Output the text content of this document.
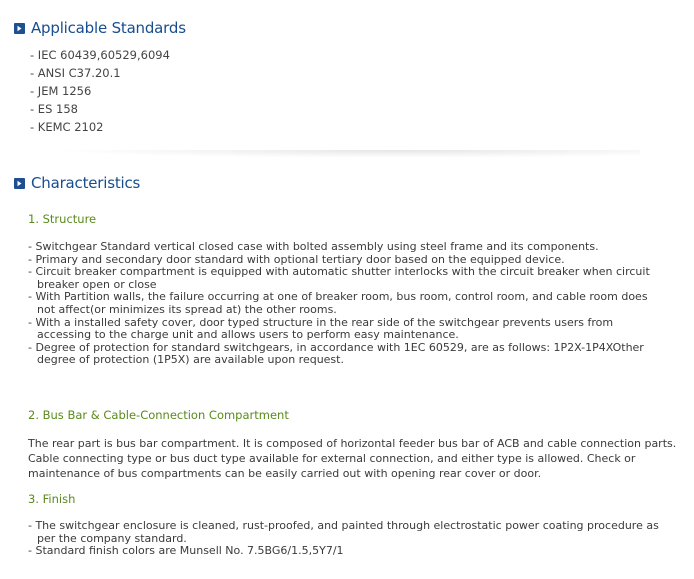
Applicable Standards
- IEC 60439,60529,6094
- ANSI C37.20.1
- JEM 1256
- ES 158
- KEMC 2102
Characteristics
1. Structure
- Switchgear Standard vertical closed case with bolted assembly using steel frame and its components.
- Primary and secondary door standard with optional tertiary door based on the equipped device.
- Circuit breaker compartment is equipped with automatic shutter interlocks with the circuit breaker when circuit breaker open or close
- With Partition walls, the failure occurring at one of breaker room, bus room, control room, and cable room does not affect(or minimizes its spread at) the other rooms.
- With a installed safety cover, door typed structure in the rear side of the switchgear prevents users from accessing to the charge unit and allows users to perform easy maintenance.
- Degree of protection for standard switchgears, in accordance with 1EC 60529, are as follows: 1P2X-1P4XOther degree of protection (1P5X) are available upon request.
2. Bus Bar & Cable-Connection Compartment

The rear part is bus bar compartment. It is composed of horizontal feeder bus bar of ACB and cable connection parts. Cable connecting type or bus duct type available for external connection, and either type is allowed. Check or maintenance of bus compartments can be easily carried out with opening rear cover or door.

3. Finish
- The switchgear enclosure is cleaned, rust-proofed, and painted through electrostatic power coating procedure as per the company standard.
- Standard finish colors are Munsell No. 7.5BG6/1.5,5Y7/1
